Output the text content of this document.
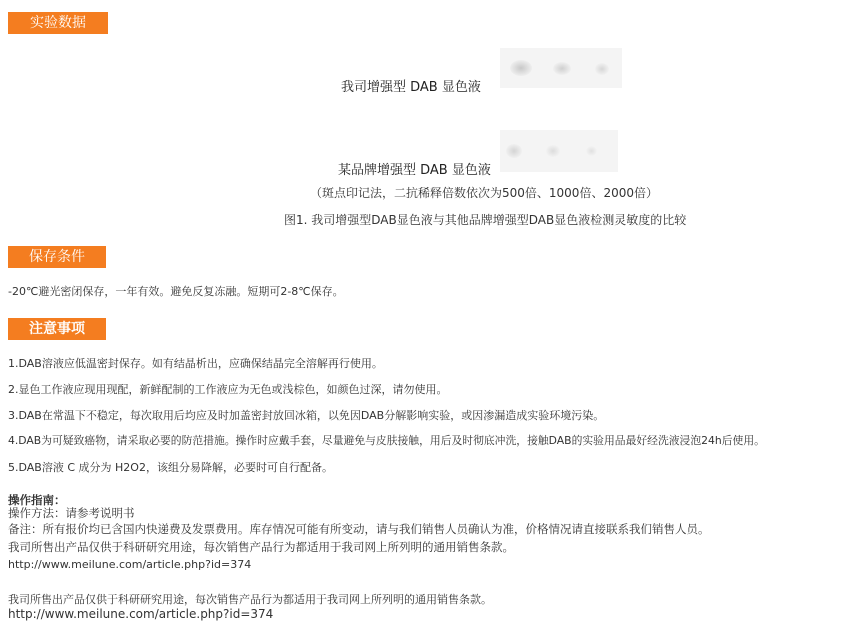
实验数据
我司增强型 DAB 显色液
某品牌增强型 DAB 显色液
（斑点印记法，二抗稀释倍数依次为500倍、1000倍、2000倍）
图1. 我司增强型DAB显色液与其他品牌增强型DAB显色液检测灵敏度的比较
保存条件
-20℃避光密闭保存，一年有效。避免反复冻融。短期可2-8℃保存。
注意事项
1.DAB溶液应低温密封保存。如有结晶析出，应确保结晶完全溶解再行使用。
2.显色工作液应现用现配，新鲜配制的工作液应为无色或浅棕色，如颜色过深，请勿使用。
3.DAB在常温下不稳定，每次取用后均应及时加盖密封放回冰箱，以免因DAB分解影响实验，或因渗漏造成实验环境污染。
4.DAB为可疑致癌物，请采取必要的防范措施。操作时应戴手套，尽量避免与皮肤接触，用后及时彻底冲洗，接触DAB的实验用品最好经洗液浸泡24h后使用。
5.DAB溶液 C 成分为 H2O2，该组分易降解，必要时可自行配备。
操作指南：
操作方法：请参考说明书
备注：所有报价均已含国内快递费及发票费用。库存情况可能有所变动，请与我们销售人员确认为准，价格情况请直接联系我们销售人员。
我司所售出产品仅供于科研研究用途，每次销售产品行为都适用于我司网上所列明的通用销售条款。
http://www.meilune.com/article.php?id=374
我司所售出产品仅供于科研研究用途，每次销售产品行为都适用于我司网上所列明的通用销售条款。
http://www.meilune.com/article.php?id=374
